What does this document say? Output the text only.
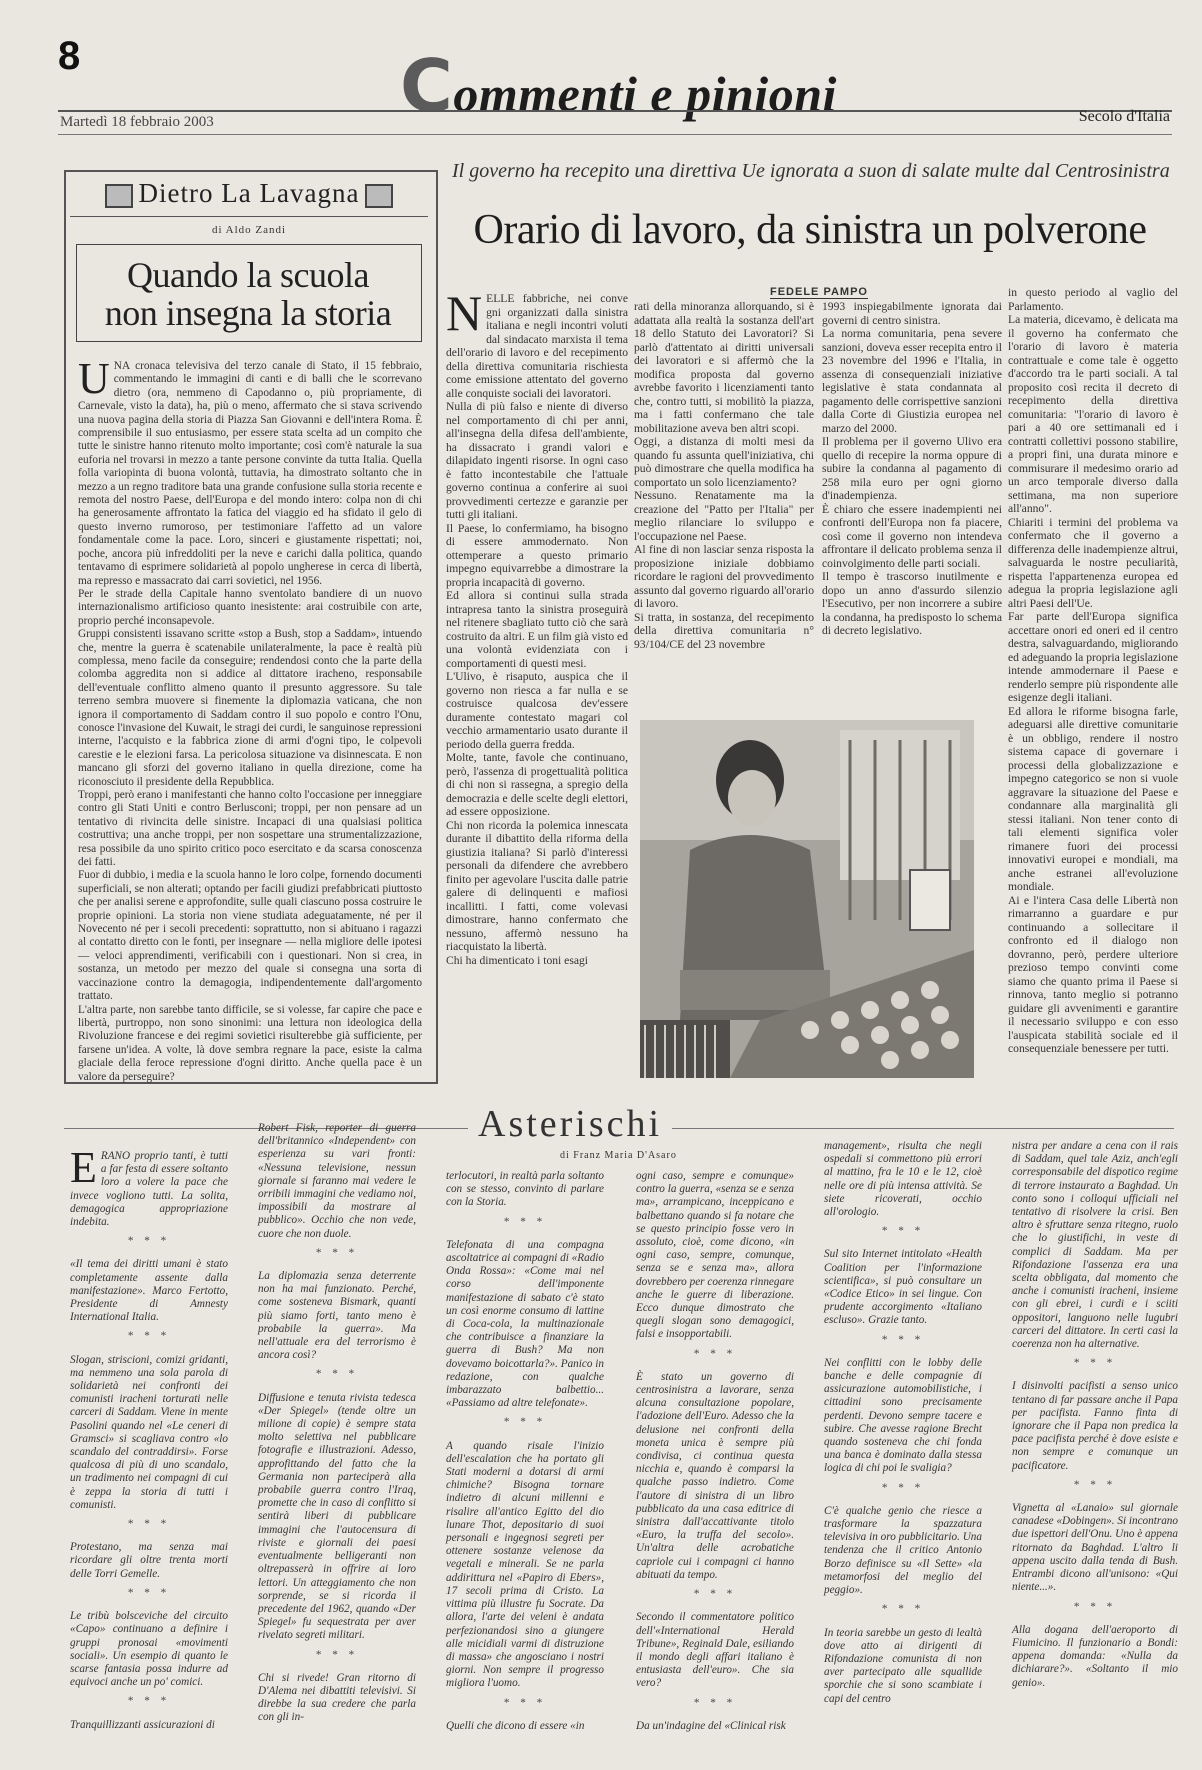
8	Commenti e pinioni
Martedì 18 febbraio 2003	Secolo d'Italia
Dietro La Lavagna
di Aldo Zandi
Quando la scuola
non insegna la storia
U NA cronaca televisiva del terzo canale di Stato, il 15 febbraio, commentando le immagini di canti e di balli che le scorrevano dietro (ora, nemmeno di Capodanno o, più propriamente, di Carnevale, visto la data), ha, più o meno, affermato che si stava scrivendo una nuova pagina della storia di Piazza San Giovanni e dell'intera Roma. È comprensibile il suo entusiasmo, per essere stata scelta ad un compito che tutte le sinistre hanno ritenuto molto importante; così com'è naturale la sua euforia nel trovarsi in mezzo a tante persone convinte da tutta Italia. Quella folla variopinta di buona volontà, tuttavia, ha dimostrato soltanto che in mezzo a un regno traditore bata una grande confusione sulla storia recente e remota del nostro Paese, dell'Europa e del mondo intero: colpa non di chi ha generosamente affrontato la fatica del viaggio ed ha sfidato il gelo di questo inverno rumoroso, per testimoniare l'affetto ad un valore fondamentale come la pace. Loro, sinceri e giustamente rispettati; noi, poche, ancora più infreddoliti per la neve e carichi dalla politica, quando tentavamo di esprimere solidarietà al popolo ungherese in cerca di libertà, ma represso e massacrato dai carri sovietici, nel 1956.

Per le strade della Capitale hanno sventolato bandiere di un nuovo internazionalismo artificioso quanto inesistente: arai costruibile con arte, proprio perché inconsapevole.

Gruppi consistenti issavano scritte «stop a Bush, stop a Saddam», intuendo che, mentre la guerra è scatenabile unilateralmente, la pace è realtà più complessa, meno facile da conseguire; rendendosi conto che la parte della colomba aggredita non si addice al dittatore iracheno, responsabile dell'eventuale conflitto almeno quanto il presunto aggressore. Su tale terreno sembra muovere si finemente la diplomazia vaticana, che non ignora il comportamento di Saddam contro il suo popolo e contro l'Onu, conosce l'invasione del Kuwait, le stragi dei curdi, le sanguinose repressioni interne, l'acquisto e la fabbrica zione di armi d'ogni tipo, le colpevoli carestie e le elezioni farsa. La pericolosa situazione va disinnescata. E non mancano gli sforzi del governo italiano in quella direzione, come ha riconosciuto il presidente della Repubblica.

Troppi, però erano i manifestanti che hanno colto l'occasione per inneggiare contro gli Stati Uniti e contro Berlusconi; troppi, per non pensare ad un tentativo di rivincita delle sinistre. Incapaci di una qualsiasi politica costruttiva; una anche troppi, per non sospettare una strumentalizzazione, resa possibile da uno spirito critico poco esercitato e da scarsa conoscenza dei fatti.

Fuor di dubbio, i media e la scuola hanno le loro colpe, fornendo documenti superficiali, se non alterati; optando per facili giudizi prefabbricati piuttosto che per analisi serene e approfondite, sulle quali ciascuno possa costruire le proprie opinioni. La storia non viene studiata adeguatamente, né per il Novecento né per i secoli precedenti: soprattutto, non si abituano i ragazzi al contatto diretto con le fonti, per insegnare — nella migliore delle ipotesi — veloci apprendimenti, verificabili con i questionari. Non si crea, in sostanza, un metodo per mezzo del quale si consegna una sorta di vaccinazione contro la demagogia, indipendentemente dall'argomento trattato.

L'altra parte, non sarebbe tanto difficile, se si volesse, far capire che pace e libertà, purtroppo, non sono sinonimi: una lettura non ideologica della Rivoluzione francese e dei regimi sovietici risulterebbe già sufficiente, per farsene un'idea. A volte, là dove sembra regnare la pace, esiste la calma glaciale della feroce repressione d'ogni diritto. Anche quella pace è un valore da perseguire?

Il governo ha recepito una direttiva Ue ignorata a suon di salate multe dal Centrosinistra
Orario di lavoro, da sinistra un polverone
FEDELE PAMPO
N ELLE fabbriche, nei conve gni organizzati dalla sinistra italiana e negli incontri voluti dal sindacato marxista il tema dell'orario di lavoro e del recepimento della direttiva comunitaria rischiesta come emissione attentato del governo alle conquiste sociali dei lavoratori.

Nulla di più falso e niente di diverso nel comportamento di chi per anni, all'insegna della difesa dell'ambiente, ha dissacrato i grandi valori e dilapidato ingenti risorse. In ogni caso è fatto incontestabile che l'attuale governo continua a conferire ai suoi provvedimenti certezze e garanzie per tutti gli italiani.

Il Paese, lo confermiamo, ha bisogno di essere ammodernato. Non ottemperare a questo primario impegno equivarrebbe a dimostrare la propria incapacità di governo.

Ed allora si continui sulla strada intrapresa tanto la sinistra proseguirà nel ritenere sbagliato tutto ciò che sarà costruito da altri. E un film già visto ed una volontà evidenziata con i comportamenti di questi mesi.

L'Ulivo, è risaputo, auspica che il governo non riesca a far nulla e se costruisce qualcosa dev'essere duramente contestato magari col vecchio armamentario usato durante il periodo della guerra fredda.

Molte, tante, favole che continuano, però, l'assenza di progettualità politica di chi non si rassegna, a spregio della democrazia e delle scelte degli elettori, ad essere opposizione.

Chi non ricorda la polemica innescata durante il dibattito della riforma della giustizia italiana? Si parlò d'interessi personali da difendere che avrebbero finito per agevolare l'uscita dalle patrie galere di delinquenti e mafiosi incallitti. I fatti, come volevasi dimostrare, hanno confermato che nessuno, affermò nessuno ha riacquistato la libertà.

Chi ha dimenticato i toni esagi

rati della minoranza allorquando, si è adattata alla realtà la sostanza dell'art 18 dello Statuto dei Lavoratori? Si parlò d'attentato ai diritti universali dei lavoratori e si affermò che la modifica proposta dal governo avrebbe favorito i licenziamenti tanto che, contro tutti, si mobilitò la piazza, ma i fatti confermano che tale mobilitazione aveva ben altri scopi.

Oggi, a distanza di molti mesi da quando fu assunta quell'iniziativa, chi può dimostrare che quella modifica ha comportato un solo licenziamento?

Nessuno. Renatamente ma la creazione del "Patto per l'Italia" per meglio rilanciare lo sviluppo e l'occupazione nel Paese.

Al fine di non lasciar senza risposta la proposizione iniziale dobbiamo ricordare le ragioni del provvedimento assunto dal governo riguardo all'orario di lavoro.

Si tratta, in sostanza, del recepimento della direttiva comunitaria n° 93/104/CE del 23 novembre

1993 inspiegabilmente ignorata dai governi di centro sinistra.

La norma comunitaria, pena severe sanzioni, doveva esser recepita entro il 23 novembre del 1996 e l'Italia, in assenza di consequenziali iniziative legislative è stata condannata al pagamento delle corrispettive sanzioni dalla Corte di Giustizia europea nel marzo del 2000.

Il problema per il governo Ulivo era quello di recepire la norma oppure di subire la condanna al pagamento di 258 mila euro per ogni giorno d'inadempienza.

È chiaro che essere inadempienti nei confronti dell'Europa non fa piacere, così come il governo non intendeva affrontare il delicato problema senza il coinvolgimento delle parti sociali.

Il tempo è trascorso inutilmente e dopo un anno d'assurdo silenzio l'Esecutivo, per non incorrere a subire la condanna, ha predisposto lo schema di decreto legislativo.

in questo periodo al vaglio del Parlamento.

La materia, dicevamo, è delicata ma il governo ha confermato che l'orario di lavoro è materia contrattuale e come tale è oggetto d'accordo tra le parti sociali. A tal proposito così recita il decreto di recepimento della direttiva comunitaria: "l'orario di lavoro è pari a 40 ore settimanali ed i contratti collettivi possono stabilire, a propri fini, una durata minore e commisurare il medesimo orario ad un arco temporale diverso dalla settimana, ma non superiore all'anno".

Chiariti i termini del problema va confermato che il governo a differenza delle inadempienze altrui, salvaguarda le nostre peculiarità, rispetta l'appartenenza europea ed adegua la propria legislazione agli altri Paesi dell'Ue.

Far parte dell'Europa significa accettare onori ed oneri ed il centro destra, salvaguardando, migliorando ed adeguando la propria legislazione intende ammodernare il Paese e renderlo sempre più rispondente alle esigenze degli italiani.

Ed allora le riforme bisogna farle, adeguarsi alle direttive comunitarie è un obbligo, rendere il nostro sistema capace di governare i processi della globalizzazione e impegno categorico se non si vuole aggravare la situazione del Paese e condannare alla marginalità gli stessi italiani. Non tener conto di tali elementi significa voler rimanere fuori dei processi innovativi europei e mondiali, ma anche estranei all'evoluzione mondiale.

Ai e l'intera Casa delle Libertà non rimarranno a guardare e pur continuando a sollecitare il confronto ed il dialogo non dovranno, però, perdere ulteriore prezioso tempo convinti come siamo che quanto prima il Paese si rinnova, tanto meglio si potranno guidare gli avvenimenti e garantire il necessario sviluppo e con esso l'auspicata stabilità sociale ed il consequenziale benessere per tutti.

Asterischi
di Franz Maria D'Asaro
E RANO proprio tanti, è tutti a far festa di essere soltanto loro a volere la pace che invece vogliono tutti. La solita, demagogica appropriazione indebita.

* * *

«Il tema dei diritti umani è stato completamente assente dalla manifestazione». Marco Fertotto, Presidente di Amnesty International Italia.

* * *

Slogan, striscioni, comizi gridanti, ma nemmeno una sola parola di solidarietà nei confronti dei comunisti iracheni torturati nelle carceri di Saddam. Viene in mente Pasolini quando nel «Le ceneri di Gramsci» si scagliava contro «lo scandalo del contraddirsi». Forse qualcosa di più di uno scandalo, un tradimento nei compagni di cui è zeppa la storia di tutti i comunisti.

* * *

Protestano, ma senza mai ricordare gli oltre trenta morti delle Torri Gemelle.

* * *

Le tribù bolsceviche del circuito «Capo» continuano a definire i gruppi pronosai «movimenti sociali». Un esempio di quanto le scarse fantasia possa indurre ad equivoci anche un po' comici.

* * *

Tranquillizzanti assicurazioni di

Robert Fisk, reporter di guerra dell'britannico «Independent» con esperienza su vari fronti: «Nessuna televisione, nessun giornale si faranno mai vedere le orribili immagini che vediamo noi, impossibili da mostrare al pubblico». Occhio che non vede, cuore che non duole.

* * *

La diplomazia senza deterrente non ha mai funzionato. Perché, come sosteneva Bismark, quanti più siamo forti, tanto meno è probabile la guerra». Ma nell'attuale era del terrorismo è ancora così?

* * *

Diffusione e tenuta rivista tedesca «Der Spiegel» (tende oltre un milione di copie) è sempre stata molto selettiva nel pubblicare fotografie e illustrazioni. Adesso, approfittando del fatto che la Germania non parteciperà alla probabile guerra contro l'Iraq, promette che in caso di conflitto si sentirà liberi di pubblicare immagini che l'autocensura di riviste e giornali dei paesi eventualmente belligeranti non oltrepasserà in offrire ai loro lettori. Un atteggiamento che non sorprende, se si ricorda il precedente del 1962, quando «Der Spiegel» fu sequestrata per aver rivelato segreti militari.

* * *

Chi si rivede! Gran ritorno di D'Alema nei dibattiti televisivi. Si direbbe la sua credere che parla con gli in-

terlocutori, in realtà parla soltanto con se stesso, convinto di parlare con la Storia.

* * *

Telefonata di una compagna ascoltatrice ai compagni di «Radio Onda Rossa»: «Come mai nel corso dell'imponente manifestazione di sabato c'è stato un così enorme consumo di lattine di Coca-cola, la multinazionale che contribuisce a finanziare la guerra di Bush? Ma non dovevamo boicottarla?». Panico in redazione, con qualche imbarazzato balbettio... «Passiamo ad altre telefonate».

* * *

A quando risale l'inizio dell'escalation che ha portato gli Stati moderni a dotarsi di armi chimiche? Bisogna tornare indietro di alcuni millenni e risalire all'antico Egitto del dio lunare Thot, depositario di suoi personali e ingegnosi segreti per ottenere sostanze velenose da vegetali e minerali. Se ne parla addirittura nel «Papiro di Ebers», 17 secoli prima di Cristo. La vittima più illustre fu Socrate. Da allora, l'arte dei veleni è andata perfezionandosi sino a giungere alle micidiali varmi di distruzione di massa» che angosciano i nostri giorni. Non sempre il progresso migliora l'uomo.

* * *

Quelli che dicono di essere «in

ogni caso, sempre e comunque» contro la guerra, «senza se e senza ma», arrampicano, inceppicano e balbettano quando si fa notare che se questo principio fosse vero in assoluto, cioè, come dicono, «in ogni caso, sempre, comunque, senza se e senza ma», allora dovrebbero per coerenza rinnegare anche le guerre di liberazione. Ecco dunque dimostrato che quegli slogan sono demagogici, falsi e insopportabili.

* * *

È stato un governo di centrosinistra a lavorare, senza alcuna consultazione popolare, l'adozione dell'Euro. Adesso che la delusione nei confronti della moneta unica è sempre più condivisa, ci continua questa nicchia e, quando è comparsi la qualche passo indietro. Come l'autore di sinistra di un libro pubblicato da una casa editrice di sinistra dall'accattivante titolo «Euro, la truffa del secolo». Un'altra delle acrobatiche capriole cui i compagni ci hanno abituati da tempo.

* * *

Secondo il commentatore politico dell'«International Herald Tribune», Reginald Dale, esiliando il mondo degli affari italiano è entusiasta dell'euro». Che sia vero?

* * *

Da un'indagine del «Clinical risk

management», risulta che negli ospedali si commettono più errori al mattino, fra le 10 e le 12, cioè nelle ore di più intensa attività. Se siete ricoverati, occhio all'orologio.

* * *

Sul sito Internet intitolato «Health Coalition per l'informazione scientifica», si può consultare un «Codice Etico» in sei lingue. Con prudente accorgimento «Italiano escluso». Grazie tanto.

* * *

Nei conflitti con le lobby delle banche e delle compagnie di assicurazione automobilistiche, i cittadini sono precisamente perdenti. Devono sempre tacere e subire. Che avesse ragione Brecht quando sosteneva che chi fonda una banca è dominato dalla stessa logica di chi poi le svaligia?

* * *

C'è qualche genio che riesce a trasformare la spazzatura televisiva in oro pubblicitario. Una tendenza che il critico Antonio Borzo definisce su «Il Sette» «la metamorfosi del meglio del peggio».

* * *

In teoria sarebbe un gesto di lealtà dove atto ai dirigenti di Rifondazione comunista di non aver partecipato alle squallide sporchie che si sono scambiate i capi del centro

nistra per andare a cena con il rais di Saddam, quel tale Aziz, anch'egli corresponsabile del dispotico regime di terrore instaurato a Baghdad. Un conto sono i colloqui ufficiali nel tentativo di risolvere la crisi. Ben altro è sfruttare senza ritegno, ruolo che lo giustifichi, in veste di complici di Saddam. Ma per Rifondazione l'assenza era una scelta obbligata, dal momento che anche i comunisti iracheni, insieme con gli ebrei, i curdi e i sciiti oppositori, languono nelle lugubri carceri del dittatore. In certi casi la coerenza non ha alternative.

* * *

I disinvolti pacifisti a senso unico tentano di far passare anche il Papa per pacifista. Fanno finta di ignorare che il Papa non predica la pace pacifista perché è dove esiste e non sempre e comunque un pacificatore.

* * *

Vignetta al «Lanaio» sul giornale canadese «Dobingen». Si incontrano due ispettori dell'Onu. Uno è appena ritornato da Baghdad. L'altro li appena uscito dalla tenda di Bush. Entrambi dicono all'unisono: «Qui niente...».

* * *

Alla dogana dell'aeroporto di Fiumicino. Il funzionario a Bondi: appena domanda: «Nulla da dichiarare?». «Soltanto il mio genio».
